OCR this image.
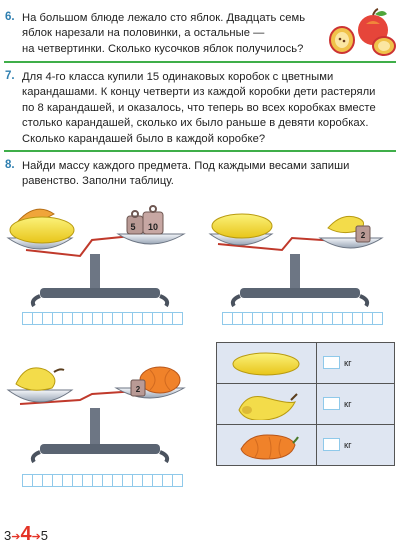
6. На большом блюде лежало сто яблок. Двадцать семь

яблок нарезали на половинки, а остальные —

на четвертинки. Сколько кусочков яблок получилось?

7. Для 4-го класса купили 15 одинаковых коробок с цветными

карандашами. К концу четверти из каждой коробки дети растеряли

по 8 карандашей, и оказалось, что теперь во всех коробках вместе

столько карандашей, сколько их было раньше в девяти коробках.

Сколько карандашей было в каждой коробке?

8. Найди массу каждого предмета. Под каждыми весами запиши

равенство. Заполни таблицу.

5 10
2
2
кг
кг
кг
3➔4➔5
